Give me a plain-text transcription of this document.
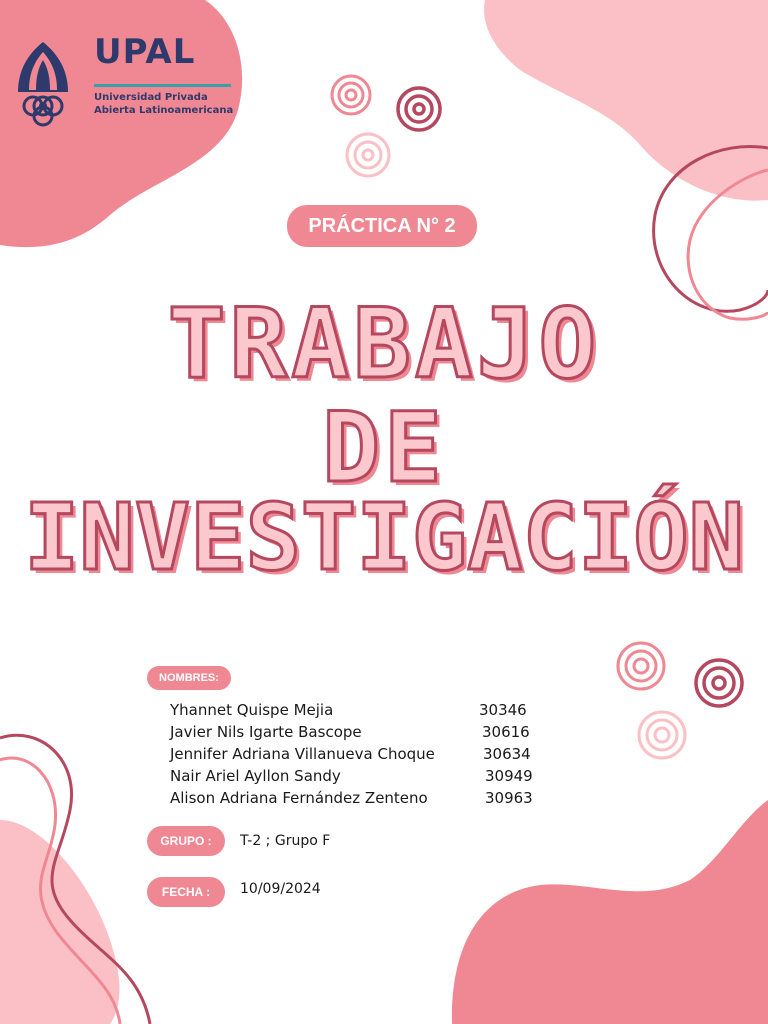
UPAL
Universidad Privada
Abierta Latinoamericana
PRÁCTICA N° 2
TRABAJO
DE
INVESTIGACIÓN
NOMBRES:
Yhannet Quispe Mejia	30346
Javier Nils Igarte Bascope	30616
Jennifer Adriana Villanueva Choque	30634
Nair Ariel Ayllon Sandy	30949
Alison Adriana Fernández Zenteno	30963
GRUPO :	T-2 ; Grupo F
FECHA :	10/09/2024
